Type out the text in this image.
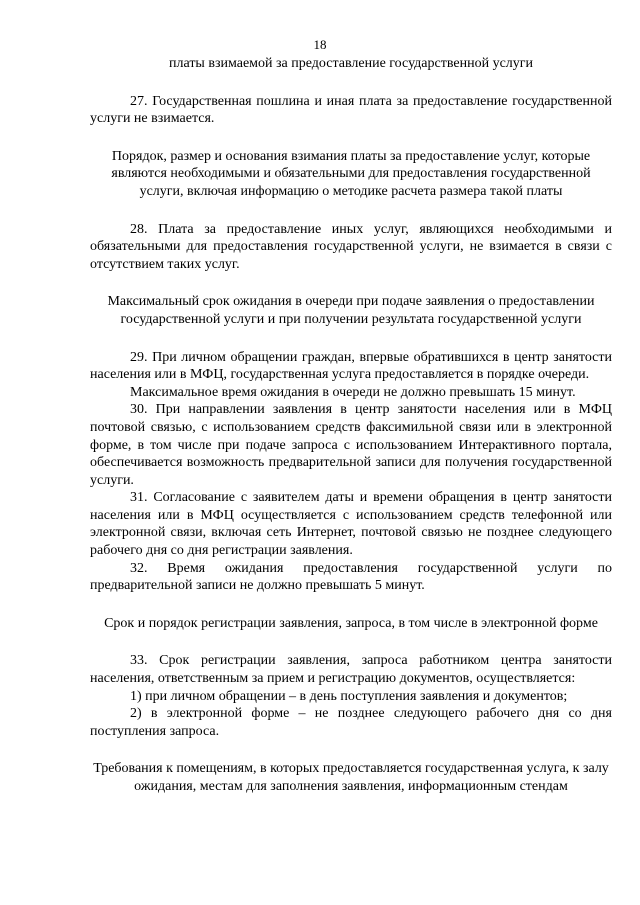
18

платы взимаемой за предоставление государственной услуги

27. Государственная пошлина и иная плата за предоставление государственной услуги не взимается.

Порядок, размер и основания взимания платы за предоставление услуг, которые являются необходимыми и обязательными для предоставления государственной услуги, включая информацию о методике расчета размера такой платы

28. Плата за предоставление иных услуг, являющихся необходимыми и обязательными для предоставления государственной услуги, не взимается в связи с отсутствием таких услуг.

Максимальный срок ожидания в очереди при подаче заявления о предоставлении государственной услуги и при получении результата государственной услуги

29. При личном обращении граждан, впервые обратившихся в центр занятости населения или в МФЦ, государственная услуга предоставляется в порядке очереди.

Максимальное время ожидания в очереди не должно превышать 15 минут.

30. При направлении заявления в центр занятости населения или в МФЦ почтовой связью, с использованием средств факсимильной связи или в электронной форме, в том числе при подаче запроса с использованием Интерактивного портала, обеспечивается возможность предварительной записи для получения государственной услуги.

31. Согласование с заявителем даты и времени обращения в центр занятости населения или в МФЦ осуществляется с использованием средств телефонной или электронной связи, включая сеть Интернет, почтовой связью не позднее следующего рабочего дня со дня регистрации заявления.

32. Время ожидания предоставления государственной услуги по предварительной записи не должно превышать 5 минут.

Срок и порядок регистрации заявления, запроса, в том числе в электронной форме

33. Срок регистрации заявления, запроса работником центра занятости населения, ответственным за прием и регистрацию документов, осуществляется:

1) при личном обращении – в день поступления заявления и документов;

2) в электронной форме – не позднее следующего рабочего дня со дня поступления запроса.

Требования к помещениям, в которых предоставляется государственная услуга, к залу ожидания, местам для заполнения заявления, информационным стендам
